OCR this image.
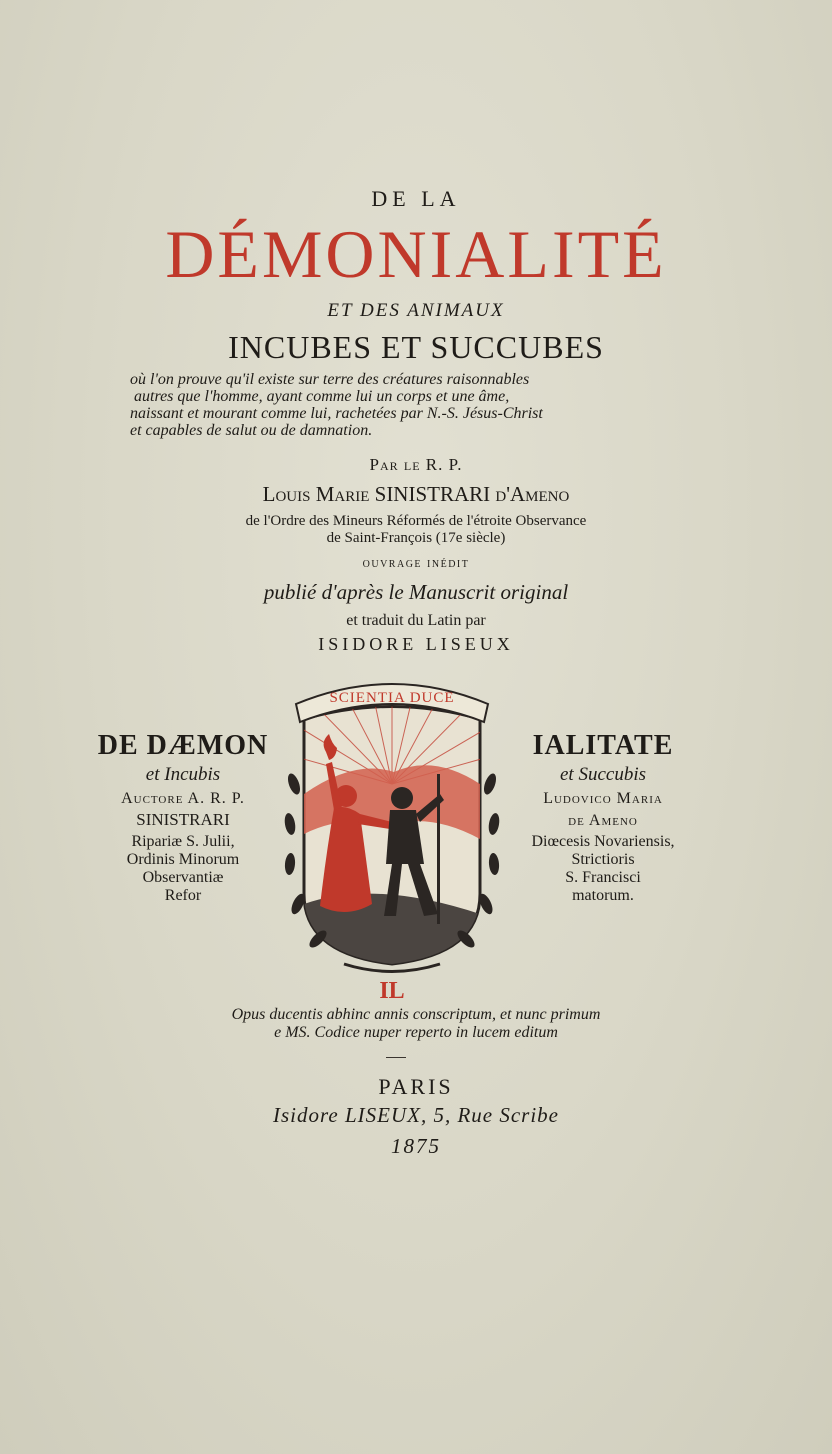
DE LA
DÉMONIALITÉ
ET DES ANIMAUX
INCUBES ET SUCCUBES
où l'on prouve qu'il existe sur terre des créatures raisonnables
autres que l'homme, ayant comme lui un corps et une âme,
naissant et mourant comme lui, rachetées par N.-S. Jésus-Christ
et capables de salut ou de damnation.
Par le R. P.
Louis Marie SINISTRARI d'Ameno
de l'Ordre des Mineurs Réformés de l'étroite Observance
de Saint-François (17e siècle)
ouvrage inédit
publié d'après le Manuscrit original
et traduit du Latin par
ISIDORE LISEUX
DE DÆMON
et Incubis
Auctore A. R. P.
SINISTRARI
Ripariæ S. Julii,
Ordinis Minorum
Observantiæ
Refor
IALITATE
et Succubis
Ludovico Maria
de Ameno
Diœcesis Novariensis,
Strictioris
S. Francisci
matorum.
SCIENTIA DUCE
IL
Opus ducentis abhinc annis conscriptum, et nunc primum
e MS. Codice nuper reperto in lucem editum
PARIS
Isidore LISEUX, 5, Rue Scribe
1875
